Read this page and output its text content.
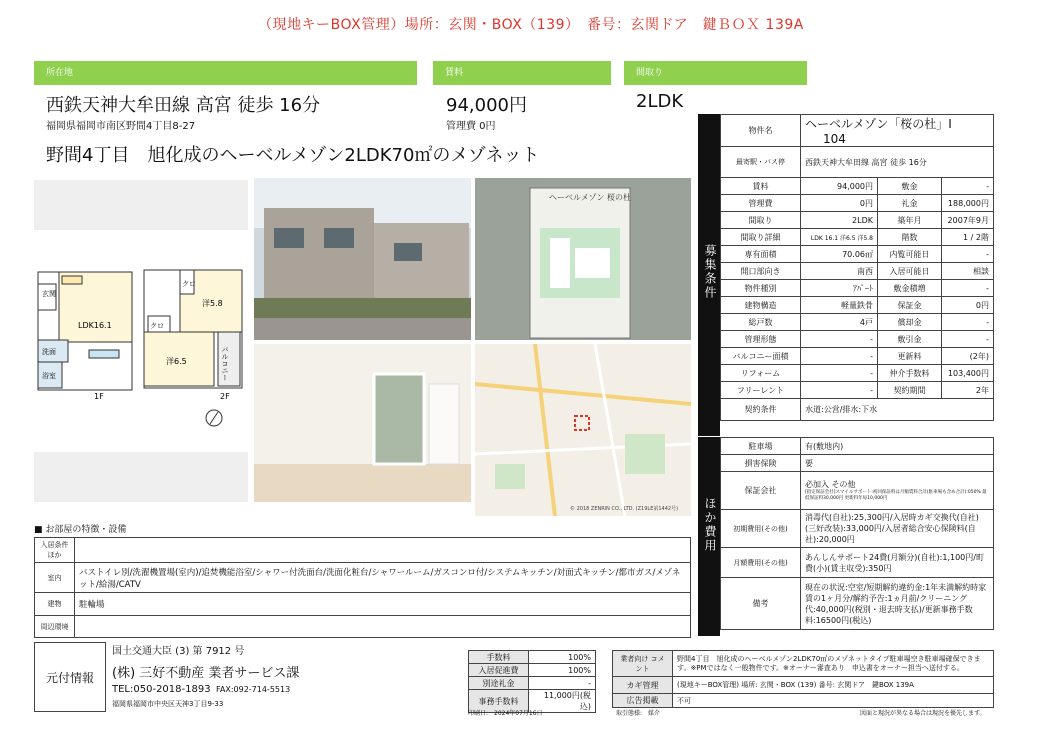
（現地キーBOX管理）場所：玄関・BOX（139）　番号：玄関ドア　鍵ＢＯＸ 139A
所在地	賃料	間取り
西鉄天神大牟田線 高宮 徒歩 16分
福岡県福岡市南区野間4丁目8-27
94,000円
管理費 0円
2LDK
野間4丁目　旭化成のヘーベルメゾン2LDK70㎡のメゾネット
玄関
LDK16.1
洗面
浴室
クロ
洋5.8
クロ
洋6.5	バルコニー
1F	2F
ヘーベルメゾン 桜の杜
© 2018 ZENRIN CO., LTD. (Z19LE第1442号)
募集条件
物件名	ヘーベルメゾン「桜の杜」Ⅰ 104		
最寄駅・バス停	西鉄天神大牟田線 高宮 徒歩 16分		
賃料	94,000円	敷金	-
管理費	0円	礼金	188,000円
間取り	2LDK	築年月	2007年9月
間取り詳細	LDK 16.1 洋6.5 洋5.8	階数	1 / 2階
専有面積	70.06㎡	内覧可能日	-
開口部向き	南西	入居可能日	相談
物件種別	ｱﾊﾟｰﾄ	敷金積増	-
建物構造	軽量鉄骨	保証金	0円
総戸数	4戸	償却金	-
管理形態	-	敷引金	-
バルコニー面積	-	更新料	(2年)
リフォーム	-	仲介手数料	103,400円
フリーレント	-	契約期間	2年
契約条件	水道:公営/排水:下水		
ほか費用
駐車場	有(敷地内)
損害保険	要
保証会社	必加入 その他
[指定保証会社]スマイルサポート:初回保証料は月額賃料合計(駐車場も含め合計):050% 最低保証料30,000円 更新料年毎10,000円

初期費用(その他)	消毒代(自社):25,300円/入居時カギ交換代(自社)(三好改装):33,000円/入居者総合安心保険料(自社):20,000円
月額費用(その他)	あんしんサポート24費(月額分)(自社):1,100円/町費(小)(賃主収受):350円
備考	現在の状況:空室/短期解約違約金:1年未満解約時家賃の1ヶ月分/解約予告:1ヵ月前/クリーニング代:40,000円(税別・退去時支払)/更新事務手数料:16500円(税込)
■ お部屋の特徴・設備
入居条件ほか	
室内	バストイレ別/洗濯機置場(室内)/追焚機能浴室/シャワー付洗面台/洗面化粧台/シャワールーム/ガスコンロ付/システムキッチン/対面式キッチン/都市ガス/メゾネット/給湯/CATV
建物	駐輪場
周辺環境	
元付情報
国土交通大臣 (3) 第 7912 号
(株) 三好不動産 業者サービス課
TEL:050-2018-1893 FAX:092-714-5513
福岡県福岡市中央区天神3丁目9-33
手数料	100%
入居促進費	100%
別途礼金	-
事務手数料	11,000円(税込)
業者向け コメント	野間4丁目　旭化成のヘーベルメゾン2LDK70㎡のメゾネットタイプ駐車場空き駐車場確保できます。※PMではなく一般物件です。※オーナー審査あり　申込書をオーナー担当へ送付する。
カギ管理	(現地キーBOX管理) 場所: 玄関・BOX (139) 番号: 玄関ドア　鍵BOX 139A
広告掲載	不可
印刷日:　2024年07月16日	取引態様:　媒介	図面と現況が異なる場合は現況を優先します。
